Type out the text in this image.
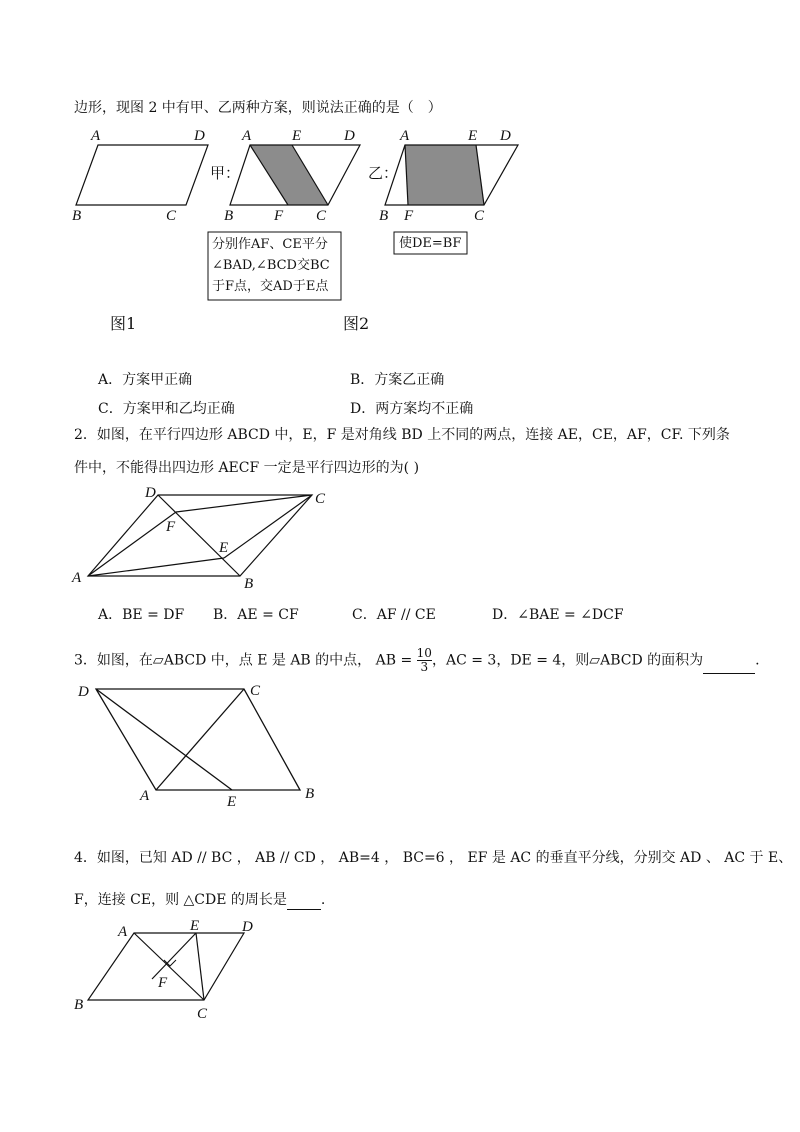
边形，现图 2 中有甲、乙两种方案，则说法正确的是（　）
A	D
B	C
A	E	D
B	F C
A	E D
B F	C
甲：	乙：
分别作AF、CE平分
∠BAD,∠BCD交BC
于F点，交AD于E点
使DE=BF
图1	图2
A．方案甲正确	B．方案乙正确
C．方案甲和乙均正确	D．两方案均不正确
2．如图，在平行四边形 ABCD 中，E，F 是对角线 BD 上不同的两点，连接 AE，CE，AF，CF. 下列条
件中，不能得出四边形 AECF 一定是平行四边形的为( )
D	C
F
E
A	B
A．BE = DF B．AE = CF	C．AF // CE	D．∠BAE = ∠DCF
3．如图，在▱ABCD 中，点 E 是 AB 的中点， AB = $\frac{10}{3}$ ，AC = 3，DE = 4，则▱ABCD 的面积为	.
D	C
A	E	B
4．如图，已知 AD // BC ， AB // CD ， AB=4 ， BC=6 ， EF 是 AC 的垂直平分线，分别交 AD 、 AC 于 E、
F，连接 CE，则 △CDE 的周长是 .
A	E	D
F
B
C
